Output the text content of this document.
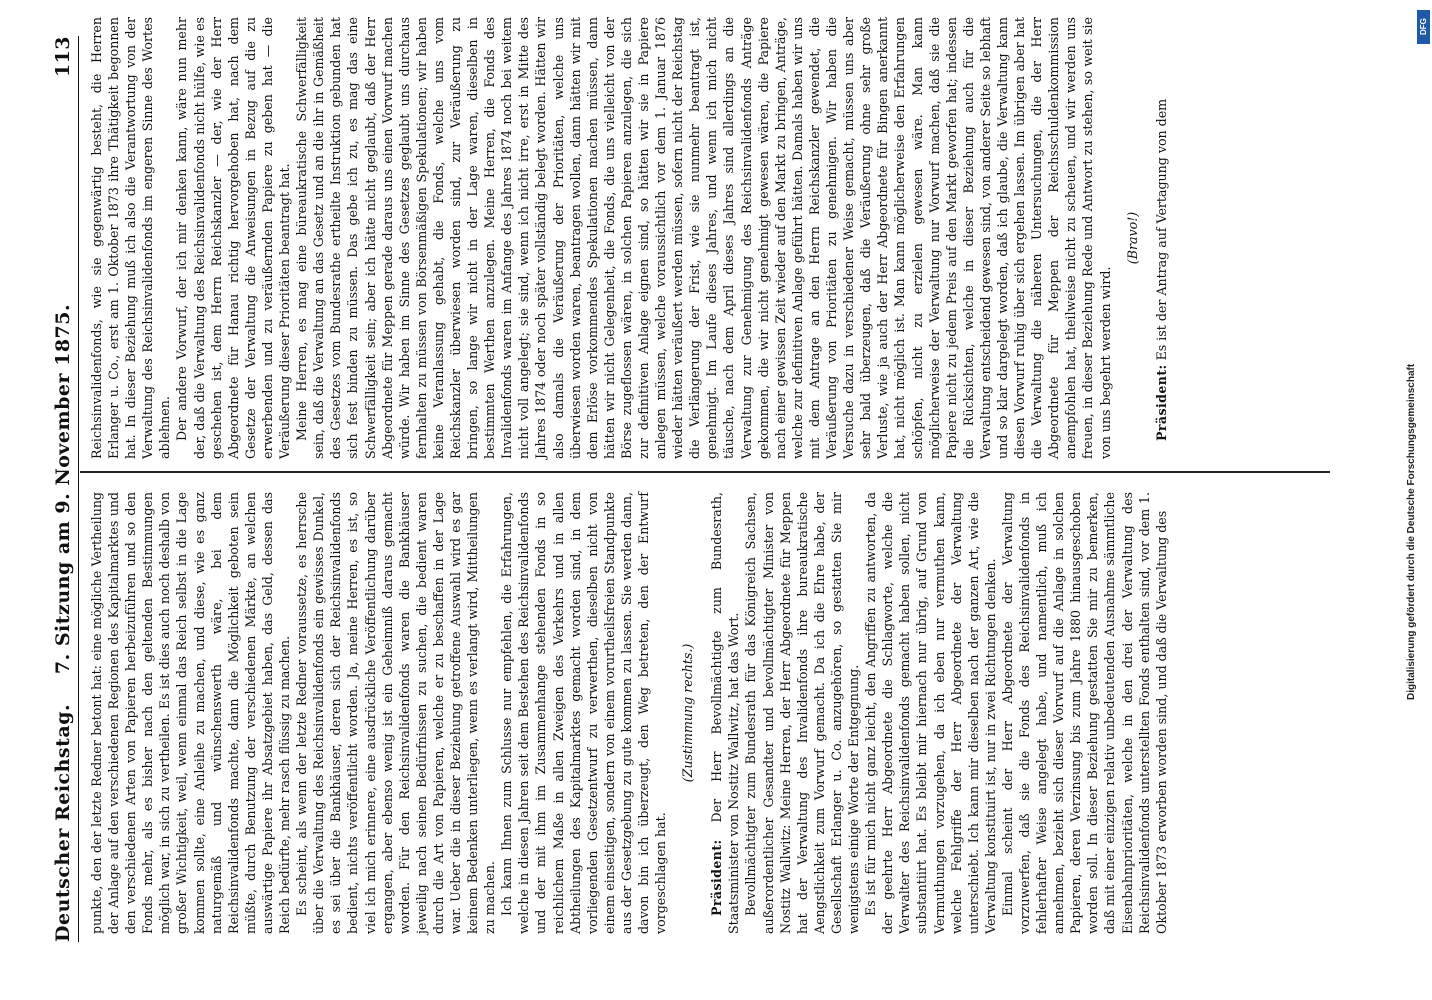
Deutscher Reichstag.
7. Sitzung am 9. November 1875.
113

punkte, den der letzte Redner betont hat: eine mögliche Vertheilung der Anlage auf den verschiedenen Regionen des Kapitalmarktes und den verschiedenen Arten von Papieren herbeizuführen und so den Fonds mehr, als es bisher nach den geltenden Bestimmungen möglich war, in sich zu vertheilen. Es ist dies auch noch deshalb von großer Wichtigkeit, weil, wenn einmal das Reich selbst in die Lage kommen sollte, eine Anleihe zu machen, und diese, wie es ganz naturgemäß und wünschenswerth wäre, bei dem Reichsinvalidenfonds machte, dann die Möglichkeit geboten sein müßte, durch Benutzung der verschiedenen Märkte, an welchen auswärtige Papiere ihr Absatzgebiet haben, das Geld, dessen das Reich bedürfte, mehr rasch flüssig zu machen. Es scheint, als wenn der letzte Redner voraussetze, es herrsche über die Verwaltung des Reichsinvalidenfonds ein gewisses Dunkel, es sei über die Bankhäuser, deren sich der Reichsinvalidenfonds bedient, nichts veröffentlicht worden. Ja, meine Herren, es ist, so viel ich mich erinnere, eine ausdrückliche Veröffentlichung darüber ergangen, aber ebenso wenig ist ein Geheimniß daraus gemacht worden. Für den Reichsinvalidenfonds waren die Bankhäuser jeweilig nach seinen Bedürfnissen zu suchen, die bedient waren durch die Art von Papieren, welche er zu beschaffen in der Lage war. Ueber die in dieser Beziehung getroffene Auswahl wird es gar keinem Bedenken unterliegen, wenn es verlangt wird, Mittheilungen zu machen. Ich kann Ihnen zum Schlusse nur empfehlen, die Erfahrungen, welche in diesen Jahren seit dem Bestehen des Reichsinvalidenfonds und der mit ihm im Zusammenhange stehenden Fonds in so reichlichem Maße in allen Zweigen des Verkehrs und in allen Abtheilungen des Kapitalmarktes gemacht worden sind, in dem vorliegenden Gesetzentwurf zu verwerthen, dieselben nicht von einem einseitigen, sondern von einem vorurtheilsfreien Standpunkte aus der Gesetzgebung zu gute kommen zu lassen. Sie werden dann, davon bin ich überzeugt, den Weg betreten, den der Entwurf vorgeschlagen hat.

(Zustimmung rechts.)

Präsident: Der Herr Bevollmächtigte zum Bundesrath, Staatsminister von Nostitz Wallwitz, hat das Wort. Bevollmächtigter zum Bundesrath für das Königreich Sachsen, außerordentlicher Gesandter und bevollmächtigter Minister von Nostitz Wallwitz: Meine Herren, der Herr Abgeordnete für Meppen hat der Verwaltung des Invalidenfonds ihre bureaukratische Aengstlichkeit zum Vorwurf gemacht. Da ich die Ehre habe, der Gesellschaft Erlanger u. Co. anzugehören, so gestatten Sie mir wenigstens einige Worte der Entgegnung. Es ist für mich nicht ganz leicht, den Angriffen zu antworten, da der geehrte Herr Abgeordnete die Schlagworte, welche die Verwalter des Reichsinvalidenfonds gemacht haben sollen, nicht substantiirt hat. Es bleibt mir hiernach nur übrig, auf Grund von Vermuthungen vorzugehen, da ich eben nur vermuthen kann, welche Fehlgriffe der Herr Abgeordnete der Verwaltung unterschiebt. Ich kann mir dieselben nach der ganzen Art, wie die Verwaltung konstituirt ist, nur in zwei Richtungen denken. Einmal scheint der Herr Abgeordnete der Verwaltung vorzuwerfen, daß sie die Fonds des Reichsinvalidenfonds in fehlerhafter Weise angelegt habe, und namentlich, muß ich annehmen, bezieht sich dieser Vorwurf auf die Anlage in solchen Papieren, deren Verzinsung bis zum Jahre 1880 hinausgeschoben worden soll. In dieser Beziehung gestatten Sie mir zu bemerken, daß mit einer einzigen relativ unbedeutenden Ausnahme sämmtliche Eisenbahnprioritäten, welche in den drei der Verwaltung des Reichsinvalidenfonds unterstellten Fonds enthalten sind, vor dem 1. Oktober 1873 erworben worden sind, und daß die Verwaltung des

Reichsinvalidenfonds, wie sie gegenwärtig besteht, die Herren Erlanger u. Co., erst am 1. Oktober 1873 ihre Thätigkeit begonnen hat. In dieser Beziehung muß ich also die Verantwortung von der Verwaltung des Reichsinvalidenfonds im engeren Sinne des Wortes ablehnen. Der andere Vorwurf, der ich mir denken kann, wäre nun mehr der, daß die Verwaltung des Reichsinvalidenfonds nicht hülfe, wie es geschehen ist, dem Herrn Reichskanzler — der, wie der Herr Abgeordnete für Hanau richtig hervorgehoben hat, nach dem Gesetze der Verwaltung die Anweisungen in Bezug auf die zu erwerbenden und zu veräußernden Papiere zu geben hat — die Veräußerung dieser Prioritäten beantragt hat. Meine Herren, es mag eine büreaukratische Schwerfälligkeit sein, daß die Verwaltung an das Gesetz und an die ihr in Gemäßheit des Gesetzes vom Bundesrathe ertheilte Instruktion gebunden hat sich fest binden zu müssen. Das gebe ich zu, es mag das eine Schwerfälligkeit sein; aber ich hätte nicht geglaubt, daß der Herr Abgeordnete für Meppen gerade daraus uns einen Vorwurf machen würde. Wir haben im Sinne des Gesetzes geglaubt uns durchaus fernhalten zu müssen von Börsenmäßigen Spekulationen; wir haben keine Veranlassung gehabt, die Fonds, welche uns vom Reichskanzler überwiesen worden sind, zur Veräußerung zu bringen, so lange wir nicht in der Lage waren, dieselben in bestimmten Werthen anzulegen. Meine Herren, die Fonds des Invalidenfonds waren im Anfange des Jahres 1874 noch bei weitem nicht voll angelegt; sie sind, wenn ich nicht irre, erst in Mitte des Jahres 1874 oder noch später vollständig belegt worden. Hätten wir also damals die Veräußerung der Prioritäten, welche uns überwiesen worden waren, beantragen wollen, dann hätten wir mit dem Erlöse vorkommendes Spekulationen machen müssen, dann hätten wir nicht Gelegenheit, die Fonds, die uns vielleicht von der Börse zugeflossen wären, in solchen Papieren anzulegen, die sich zur definitiven Anlage eignen sind, so hätten wir sie in Papiere anlegen müssen, welche voraussichtlich vor dem 1. Januar 1876 wieder hätten veräußert werden müssen, sofern nicht der Reichstag die Verlängerung der Frist, wie sie nunmehr beantragt ist, genehmigt. Im Laufe dieses Jahres, und wenn ich mich nicht täusche, nach dem April dieses Jahres sind allerdings an die Verwaltung zur Genehmigung des Reichsinvalidenfonds Anträge gekommen, die wir nicht genehmigt gewesen wären, die Papiere nach einer gewissen Zeit wieder auf den Markt zu bringen, Anträge, welche zur definitiven Anlage geführt hätten. Damals haben wir uns mit dem Antrage an den Herrn Reichskanzler gewendet, die Veräußerung von Prioritäten zu genehmigen. Wir haben die Versuche dazu in verschiedener Weise gemacht, müssen uns aber sehr bald überzeugen, daß die Veräußerung ohne sehr große Verluste, wie ja auch der Herr Abgeordnete für Bingen anerkannt hat, nicht möglich ist. Man kann möglicherweise den Erfahrungen schöpfen, nicht zu erzielen gewesen wäre. Man kann möglicherweise der Verwaltung nur Vorwurf machen, daß sie die Papiere nicht zu jedem Preis auf den Markt geworfen hat; indessen die Rücksichten, welche in dieser Beziehung auch für die Verwaltung entscheidend gewesen sind, von anderer Seite so lebhaft und so klar dargelegt worden, daß ich glaube, die Verwaltung kann diesen Vorwurf ruhig über sich ergehen lassen. Im übrigen aber hat die Verwaltung die näheren Untersuchungen, die der Herr Abgeordnete für Meppen der Reichsschuldenkommission anempfohlen hat, theilweise nicht zu scheuen, und wir werden uns freuen, in dieser Beziehung Rede und Antwort zu stehen, so weit sie von uns begehrt werden wird.

(Bravo!)

Präsident: Es ist der Antrag auf Vertagung von dem

DFG
Digitalisierung gefördert durch die Deutsche Forschungsgemeinschaft
